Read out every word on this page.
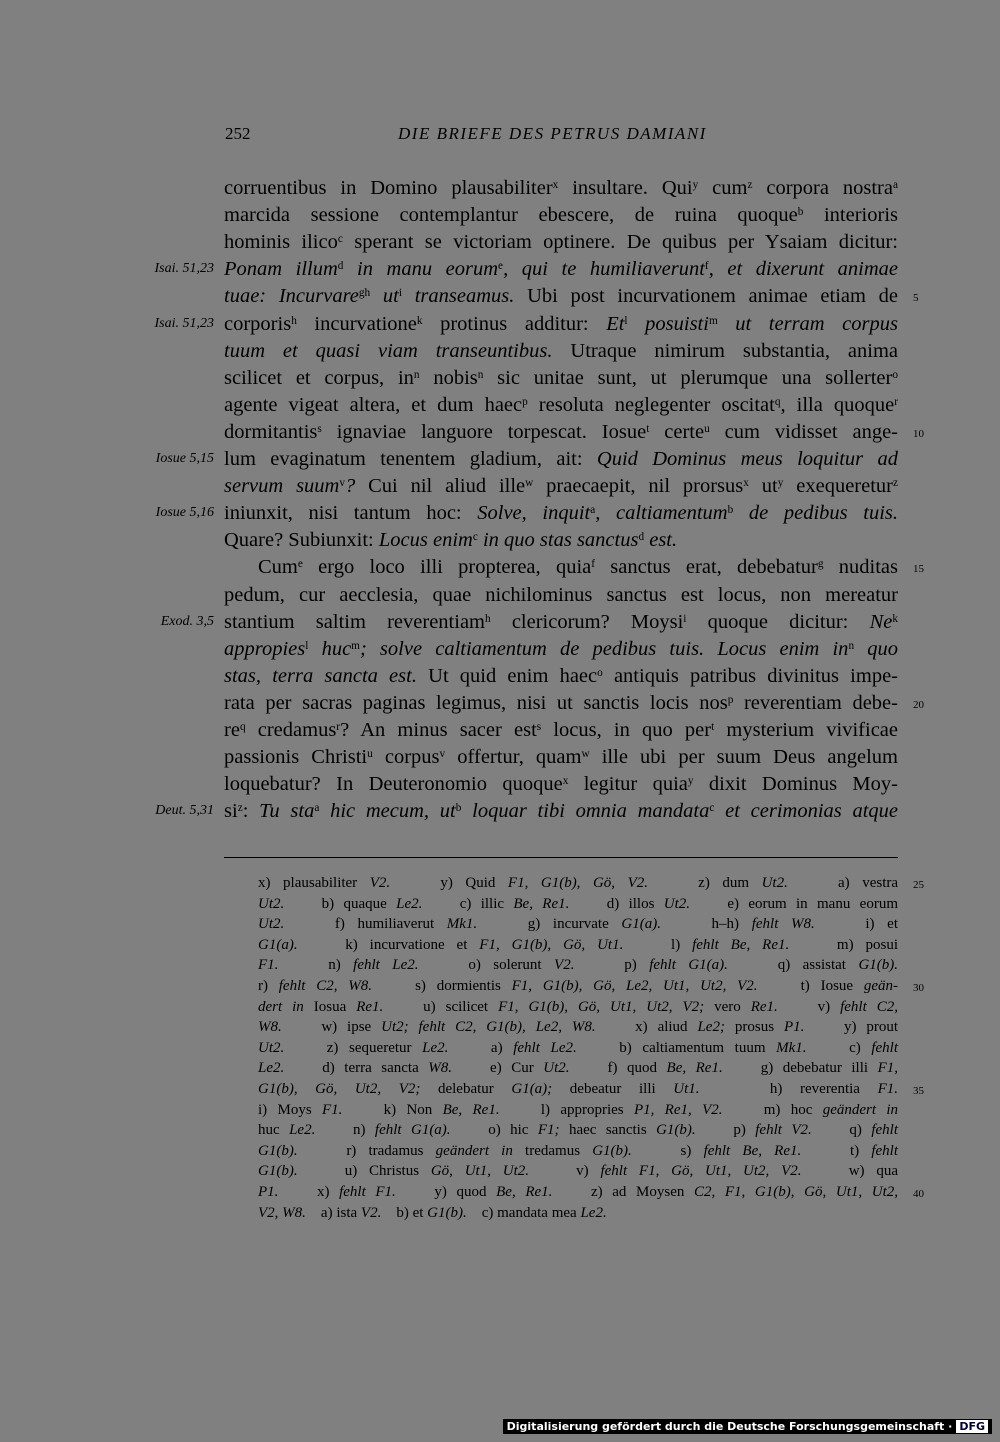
252	DIE BRIEFE DES PETRUS DAMIANI
corruentibus in Domino plausabiliter$^x$ insultare. Qui$^y$ cum$^z$ corpora nostra$^a$
marcida sessione contemplantur ebescere, de ruina quoque$^b$ interioris
hominis ilico$^c$ sperant se victoriam optinere. De quibus per Ysaiam dicitur:
Ponam illum$^d$ in manu eorum$^e$, qui te humiliaverunt$^f$, et dixerunt animae
tuae: Incurvare$^{gh}$ $ut^i$ transeamus. Ubi post incurvationem animae etiam de
corporis$^h$ incurvatione$^k$ protinus additur: Et$^l$ posuisti$^m$ ut terram corpus
tuum et quasi viam transeuntibus. Utraque nimirum substantia, anima
scilicet et corpus, $in^n$ nobis$^n$ sic unitae sunt, ut plerumque una sollerter$^o$
agente vigeat altera, et dum haec$^p$ resoluta neglegenter oscitat$^q$, illa quoque$^r$
dormitantis$^s$ ignaviae languore torpescat. Iosue$^t$ certe$^u$ cum vidisset ange-
lum evaginatum tenentem gladium, ait: Quid Dominus meus loquitur ad
servum suum$^v$? Cui nil aliud ille$^w$ praecaepit, nil prorsus$^x$ $ut^y$ exequeretur$^z$
iniunxit, nisi tantum hoc: Solve, inquit$^a$, caltiamentum$^b$ de pedibus tuis.
Quare? Subiunxit: Locus enim$^c$ in quo stas sanctus$^d$ est.
Cum$^e$ ergo loco illi propterea, quia$^f$ sanctus erat, debebatur$^g$ nuditas
pedum, cur aecclesia, quae nichilominus sanctus est locus, non mereatur
stantium saltim reverentiam$^h$ clericorum? Moysi$^i$ quoque dicitur: Ne$^k$
appropies$^l$ huc$^m$; solve caltiamentum de pedibus tuis. Locus enim $in^n$ quo
stas, terra sancta est. Ut quid enim haec$^o$ antiquis patribus divinitus impe-
rata per sacras paginas legimus, nisi ut sanctis locis nos$^p$ reverentiam debe-
$re^q$ credamus$^r$? An minus sacer est$^s$ locus, in quo per$^t$ mysterium vivificae
passionis Christi$^u$ corpus$^v$ offertur, quam$^w$ ille ubi per suum Deus angelum
loquebatur? In Deuteronomio quoque$^x$ legitur quia$^y$ dixit Dominus Moy-
$si^z$: Tu sta$^a$ hic mecum, $ut^b$ loquar tibi omnia mandata$^c$ et cerimonias atque
Isai. 51,23
Isai. 51,23
Iosue 5,15
Iosue 5,16
Exod. 3,5
Deut. 5,31
5
10
15
20
x) plausabiliter V2.    y) Quid F1, G1(b), Gö, V2.    z) dum Ut2.    a) vestra
Ut2.    b) quaque Le2.    c) illic Be, Re1.    d) illos Ut2.    e) eorum in manu eorum
Ut2.    f) humiliaverut Mk1.    g) incurvate G1(a).    h–h) fehlt W8.    i) et
G1(a).    k) incurvatione et F1, G1(b), Gö, Ut1.    l) fehlt Be, Re1.    m) posui
F1.    n) fehlt Le2.    o) solerunt V2.    p) fehlt G1(a).    q) assistat G1(b).
r) fehlt C2, W8.    s) dormientis F1, G1(b), Gö, Le2, Ut1, Ut2, V2.    t) Iosue geän-
dert in Iosua Re1.    u) scilicet F1, G1(b), Gö, Ut1, Ut2, V2; vero Re1.    v) fehlt C2,
W8.    w) ipse Ut2; fehlt C2, G1(b), Le2, W8.    x) aliud Le2; prosus P1.    y) prout
Ut2.    z) sequeretur Le2.    a) fehlt Le2.    b) caltiamentum tuum Mk1.    c) fehlt
Le2.    d) terra sancta W8.    e) Cur Ut2.    f) quod Be, Re1.    g) debebatur illi F1,
G1(b), Gö, Ut2, V2; delebatur G1(a); debeatur illi Ut1.    h) reverentia F1.
i) Moys F1.    k) Non Be, Re1.    l) appropries P1, Re1, V2.    m) hoc geändert in
huc Le2.    n) fehlt G1(a).    o) hic F1; haec sanctis G1(b).    p) fehlt V2.    q) fehlt
G1(b).    r) tradamus geändert in tredamus G1(b).    s) fehlt Be, Re1.    t) fehlt
G1(b).    u) Christus Gö, Ut1, Ut2.    v) fehlt F1, Gö, Ut1, Ut2, V2.    w) qua
P1.    x) fehlt F1.    y) quod Be, Re1.    z) ad Moysen C2, F1, G1(b), Gö, Ut1, Ut2,
V2, W8.    a) ista V2.    b) et G1(b).    c) mandata mea Le2.
25
30
35
40
Digitalisierung gefördert durch die Deutsche Forschungsgemeinschaft · DFG
